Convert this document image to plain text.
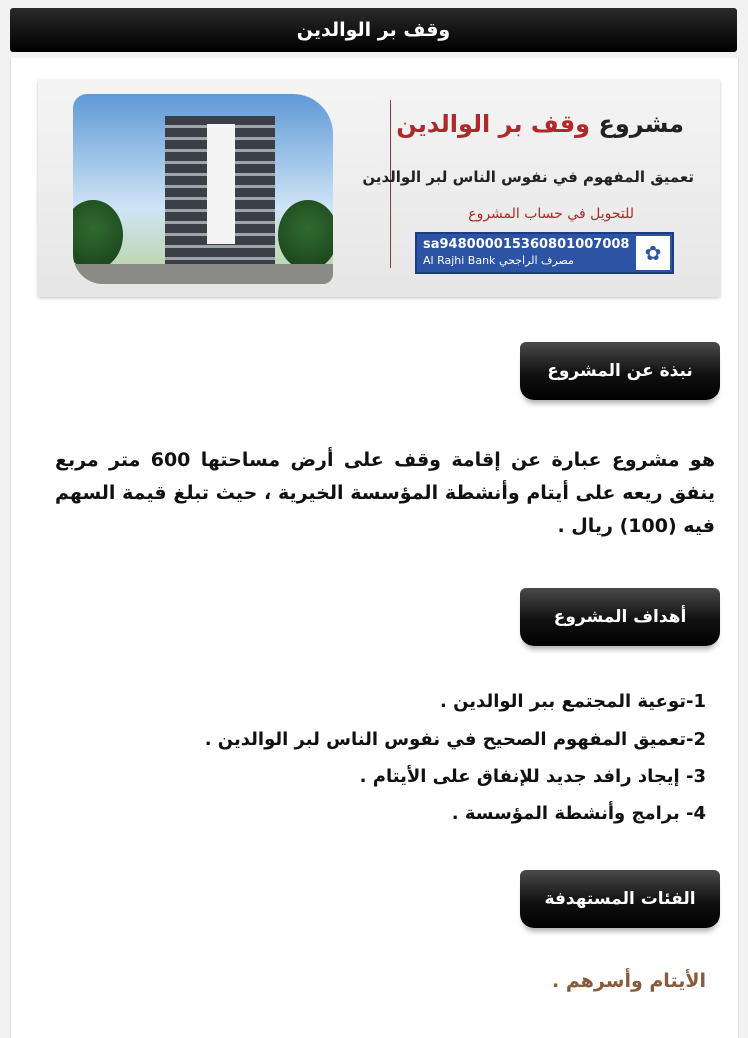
وقف بر الوالدين
مشروع وقف بر الوالدين
تعميق المفهوم في نفوس الناس لبر الوالدين
للتحويل في حساب المشروع
sa948000015360801007008
Al Rajhi Bank مصرف الراجحي	✿
نبذة عن المشروع
هو مشروع عبارة عن إقامة وقف على أرض مساحتها 600 متر مربع ينفق ريعه على أيتام وأنشطة المؤسسة الخيرية ، حيث تبلغ قيمة السهم فيه (100) ريال .
أهداف المشروع
1-توعية المجتمع ببر الوالدين .
2-تعميق المفهوم الصحيح في نفوس الناس لبر الوالدين .
3- إيجاد رافد جديد للإنفاق على الأيتام .
4- برامج وأنشطة المؤسسة .
الفئات المستهدفة
الأيتام وأسرهم .
